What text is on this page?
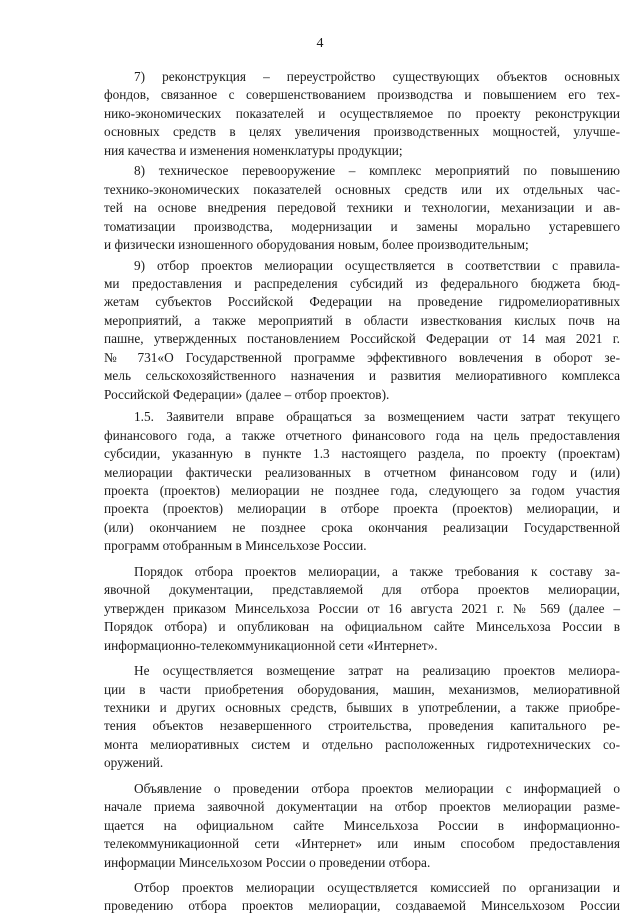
4
7) реконструкция – переустройство существующих объектов основных
фондов, связанное с совершенствованием производства и повышением его тех-
нико-экономических показателей и осуществляемое по проекту реконструкции
основных средств в целях увеличения производственных мощностей, улучше-
ния качества и изменения номенклатуры продукции;
8) техническое перевооружение – комплекс мероприятий по повышению
технико-экономических показателей основных средств или их отдельных час-
тей на основе внедрения передовой техники и технологии, механизации и ав-
томатизации производства, модернизации и замены морально устаревшего
и физически изношенного оборудования новым, более производительным;
9) отбор проектов мелиорации осуществляется в соответствии с правила-
ми предоставления и распределения субсидий из федерального бюджета бюд-
жетам субъектов Российской Федерации на проведение гидромелиоративных
мероприятий, а также мероприятий в области известкования кислых почв на
пашне, утвержденных постановлением Российской Федерации от 14 мая 2021 г.
№ 731«О Государственной программе эффективного вовлечения в оборот зе-
мель сельскохозяйственного назначения и развития мелиоративного комплекса
Российской Федерации» (далее – отбор проектов).
1.5. Заявители вправе обращаться за возмещением части затрат текущего
финансового года, а также отчетного финансового года на цель предоставления
субсидии, указанную в пункте 1.3 настоящего раздела, по проекту (проектам)
мелиорации фактически реализованных в отчетном финансовом году и (или)
проекта (проектов) мелиорации не позднее года, следующего за годом участия
проекта (проектов) мелиорации в отборе проекта (проектов) мелиорации, и
(или) окончанием не позднее срока окончания реализации Государственной
программ отобранным в Минсельхозе России.
Порядок отбора проектов мелиорации, а также требования к составу за-
явочной документации, представляемой для отбора проектов мелиорации,
утвержден приказом Минсельхоза России от 16 августа 2021 г. № 569 (далее –
Порядок отбора) и опубликован на официальном сайте Минсельхоза России в
информационно-телекоммуникационной сети «Интернет».
Не осуществляется возмещение затрат на реализацию проектов мелиора-
ции в части приобретения оборудования, машин, механизмов, мелиоративной
техники и других основных средств, бывших в употреблении, а также приобре-
тения объектов незавершенного строительства, проведения капитального ре-
монта мелиоративных систем и отдельно расположенных гидротехнических со-
оружений.
Объявление о проведении отбора проектов мелиорации с информацией о
начале приема заявочной документации на отбор проектов мелиорации разме-
щается на официальном сайте Минсельхоза России в информационно-
телекоммуникационной сети «Интернет» или иным способом предоставления
информации Минсельхозом России о проведении отбора.
Отбор проектов мелиорации осуществляется комиссией по организации и
проведению отбора проектов мелиорации, создаваемой Минсельхозом России
